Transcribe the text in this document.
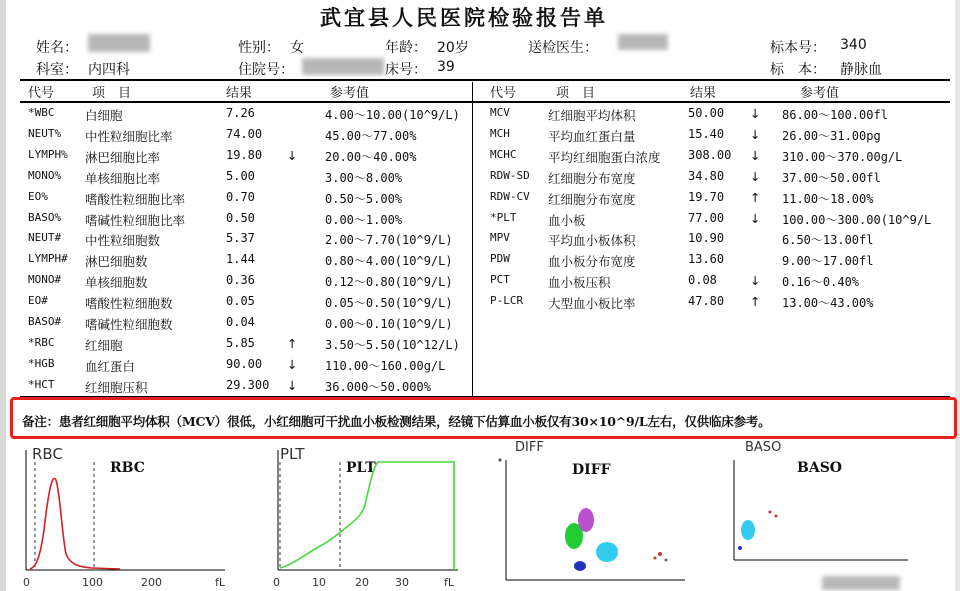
武宜县人民医院检验报告单
姓名：	性别： 女	年龄： 20岁	送检医生：	标本号： 340
科室： 内四科	住院号：	床号： 39	标　本： 静脉血
代号	项　目	结果	参考值	代号	项　目	结果	参考值
*WBC 白细胞	7.26	4.00～10.00(10^9/L)
NEUT% 中性粒细胞比率	74.00	45.00～77.00%
LYMPH% 淋巴细胞比率	19.80 ↓ 20.00～40.00%
MONO% 单核细胞比率	5.00	3.00～8.00%
EO%	嗜酸性粒细胞比率	0.70	0.50～5.00%
BASO% 嗜碱性粒细胞比率	0.50	0.00～1.00%
NEUT# 中性粒细胞数	5.37	2.00～7.70(10^9/L)
LYMPH# 淋巴细胞数	1.44	0.80～4.00(10^9/L)
MONO# 单核细胞数	0.36	0.12～0.80(10^9/L)
EO#	嗜酸性粒细胞数	0.05	0.05～0.50(10^9/L)
BASO# 嗜碱性粒细胞数	0.04	0.00～0.10(10^9/L)
*RBC 红细胞	5.85	↑ 3.50～5.50(10^12/L)
*HGB 血红蛋白	90.00 ↓ 110.00～160.00g/L
*HCT 红细胞压积	29.300 ↓ 36.000～50.000%
MCV	红细胞平均体积	50.00 ↓ 86.00～100.00fl
MCH	平均血红蛋白量	15.40 ↓ 26.00～31.00pg
MCHC	平均红细胞蛋白浓度 308.00 ↓ 310.00～370.00g/L
RDW-SD 红细胞分布宽度	34.80 ↓ 37.00～50.00fl
RDW-CV 红细胞分布宽度	19.70 ↑ 11.00～18.00%
*PLT	血小板	77.00 ↓ 100.00～300.00(10^9/L
MPV	平均血小板体积	10.90	6.50～13.00fl
PDW	血小板分布宽度	13.60	9.00～17.00fl
PCT	血小板压积	0.08	↓ 0.16～0.40%
P-LCR 大型血小板比率	47.80 ↑ 13.00～43.00%
备注：患者红细胞平均体积（MCV）很低，小红细胞可干扰血小板检测结果，经镜下估算血小板仅有30×10^9/L左右，仅供临床参考。
RBC
RBC
0	100	200	fL
PLT
PLT
0	10	20 30	fL
DIFF
DIFF
BASO
BASO
